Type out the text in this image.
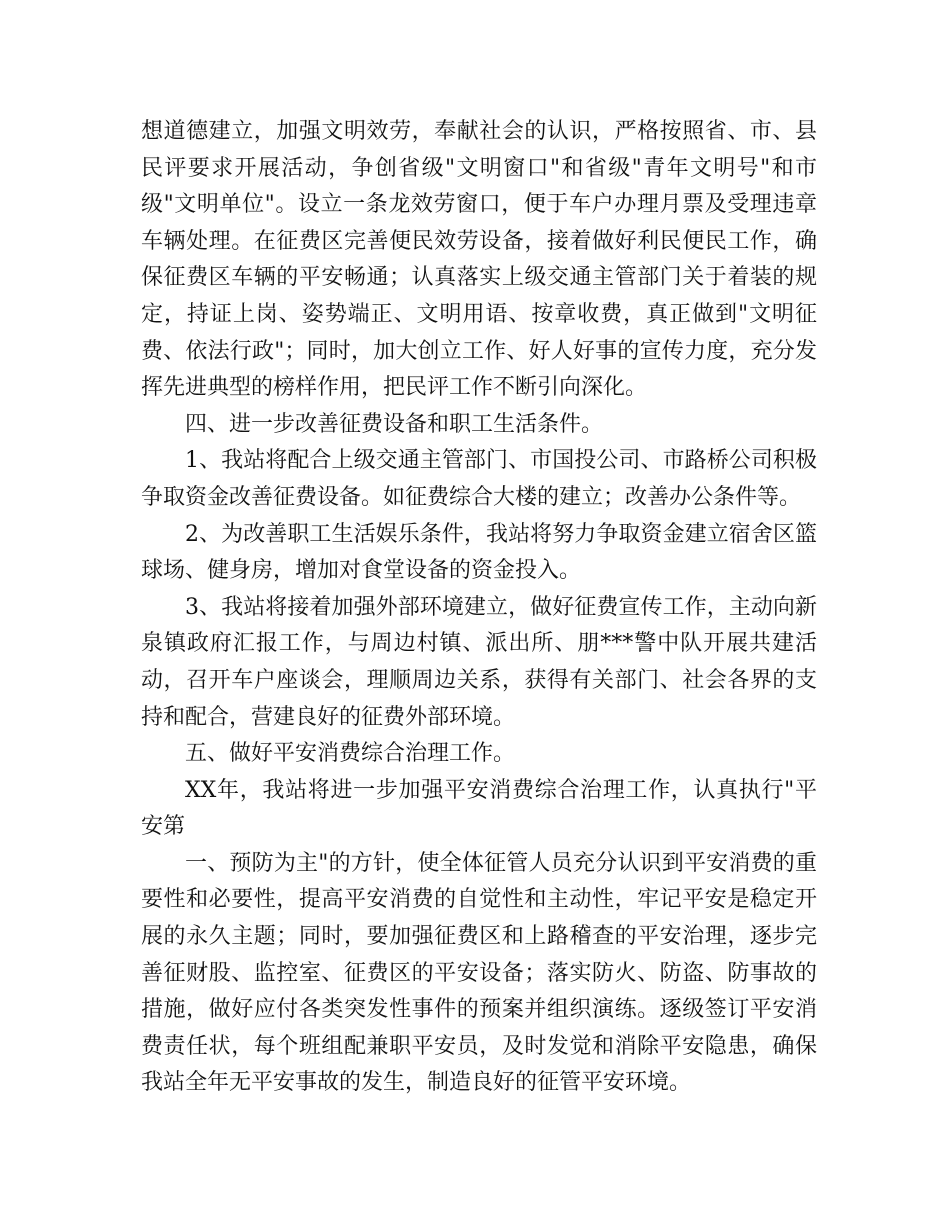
想道德建立，加强文明效劳，奉献社会的认识，严格按照省、市、县民评要求开展活动，争创省级"文明窗口"和省级"青年文明号"和市级"文明单位"。设立一条龙效劳窗口，便于车户办理月票及受理违章车辆处理。在征费区完善便民效劳设备，接着做好利民便民工作，确保征费区车辆的平安畅通；认真落实上级交通主管部门关于着装的规定，持证上岗、姿势端正、文明用语、按章收费，真正做到"文明征费、依法行政"；同时，加大创立工作、好人好事的宣传力度，充分发挥先进典型的榜样作用，把民评工作不断引向深化。

四、进一步改善征费设备和职工生活条件。

1、我站将配合上级交通主管部门、市国投公司、市路桥公司积极争取资金改善征费设备。如征费综合大楼的建立；改善办公条件等。

2、为改善职工生活娱乐条件，我站将努力争取资金建立宿舍区篮球场、健身房，增加对食堂设备的资金投入。

3、我站将接着加强外部环境建立，做好征费宣传工作，主动向新泉镇政府汇报工作，与周边村镇、派出所、朋***警中队开展共建活动，召开车户座谈会，理顺周边关系，获得有关部门、社会各界的支持和配合，营建良好的征费外部环境。

五、做好平安消费综合治理工作。

XX年，我站将进一步加强平安消费综合治理工作，认真执行"平安第

一、预防为主"的方针，使全体征管人员充分认识到平安消费的重要性和必要性，提高平安消费的自觉性和主动性，牢记平安是稳定开展的永久主题；同时，要加强征费区和上路稽查的平安治理，逐步完善征财股、监控室、征费区的平安设备；落实防火、防盗、防事故的措施，做好应付各类突发性事件的预案并组织演练。逐级签订平安消费责任状，每个班组配兼职平安员，及时发觉和消除平安隐患，确保我站全年无平安事故的发生，制造良好的征管平安环境。
